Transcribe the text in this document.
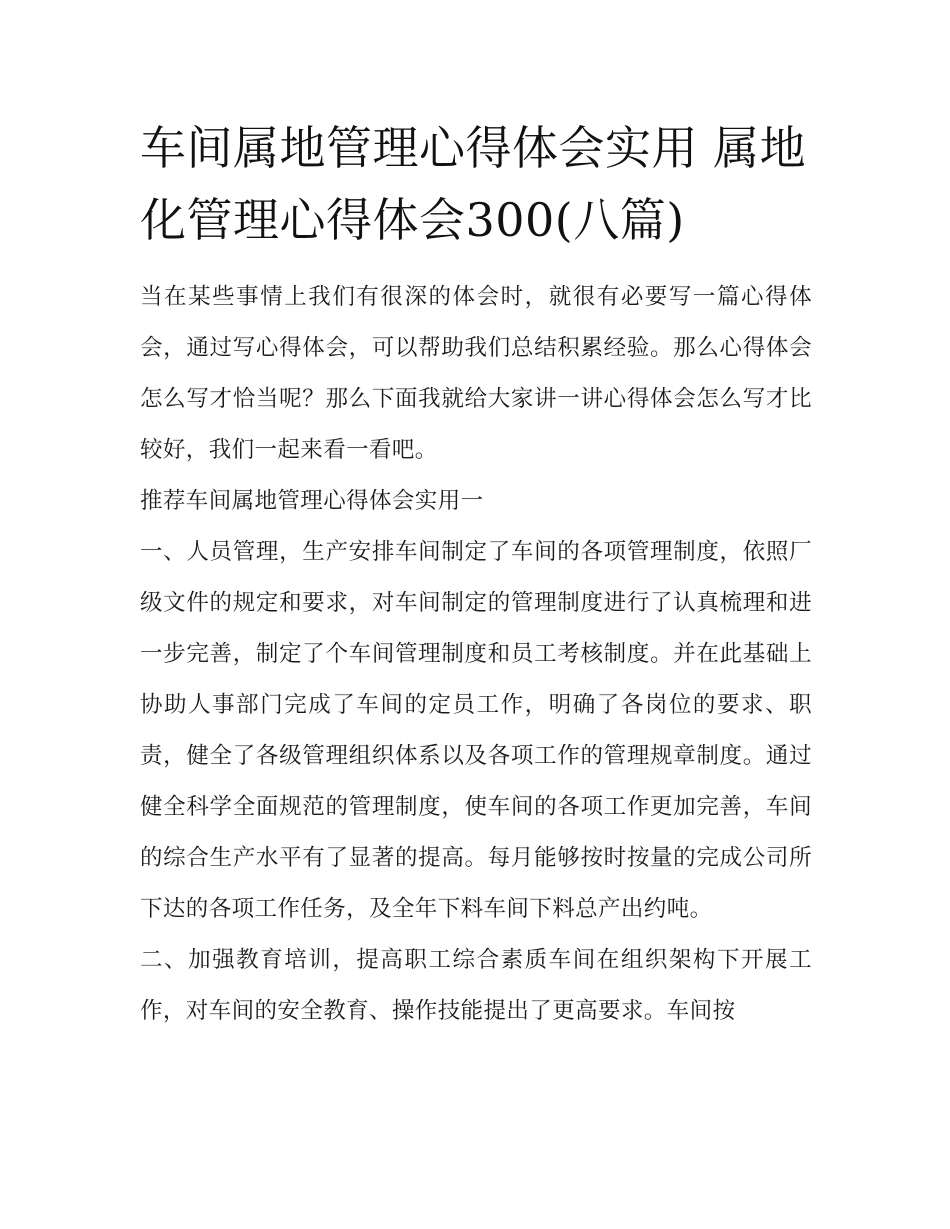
车间属地管理心得体会实用 属地化管理心得体会300(八篇)

当在某些事情上我们有很深的体会时，就很有必要写一篇心得体会，通过写心得体会，可以帮助我们总结积累经验。那么心得体会怎么写才恰当呢？那么下面我就给大家讲一讲心得体会怎么写才比较好，我们一起来看一看吧。

推荐车间属地管理心得体会实用一

一、人员管理，生产安排车间制定了车间的各项管理制度，依照厂级文件的规定和要求，对车间制定的管理制度进行了认真梳理和进一步完善，制定了个车间管理制度和员工考核制度。并在此基础上协助人事部门完成了车间的定员工作，明确了各岗位的要求、职责，健全了各级管理组织体系以及各项工作的管理规章制度。通过健全科学全面规范的管理制度，使车间的各项工作更加完善，车间的综合生产水平有了显著的提高。每月能够按时按量的完成公司所下达的各项工作任务，及全年下料车间下料总产出约吨。

二、加强教育培训，提高职工综合素质车间在组织架构下开展工作，对车间的安全教育、操作技能提出了更高要求。车间按
